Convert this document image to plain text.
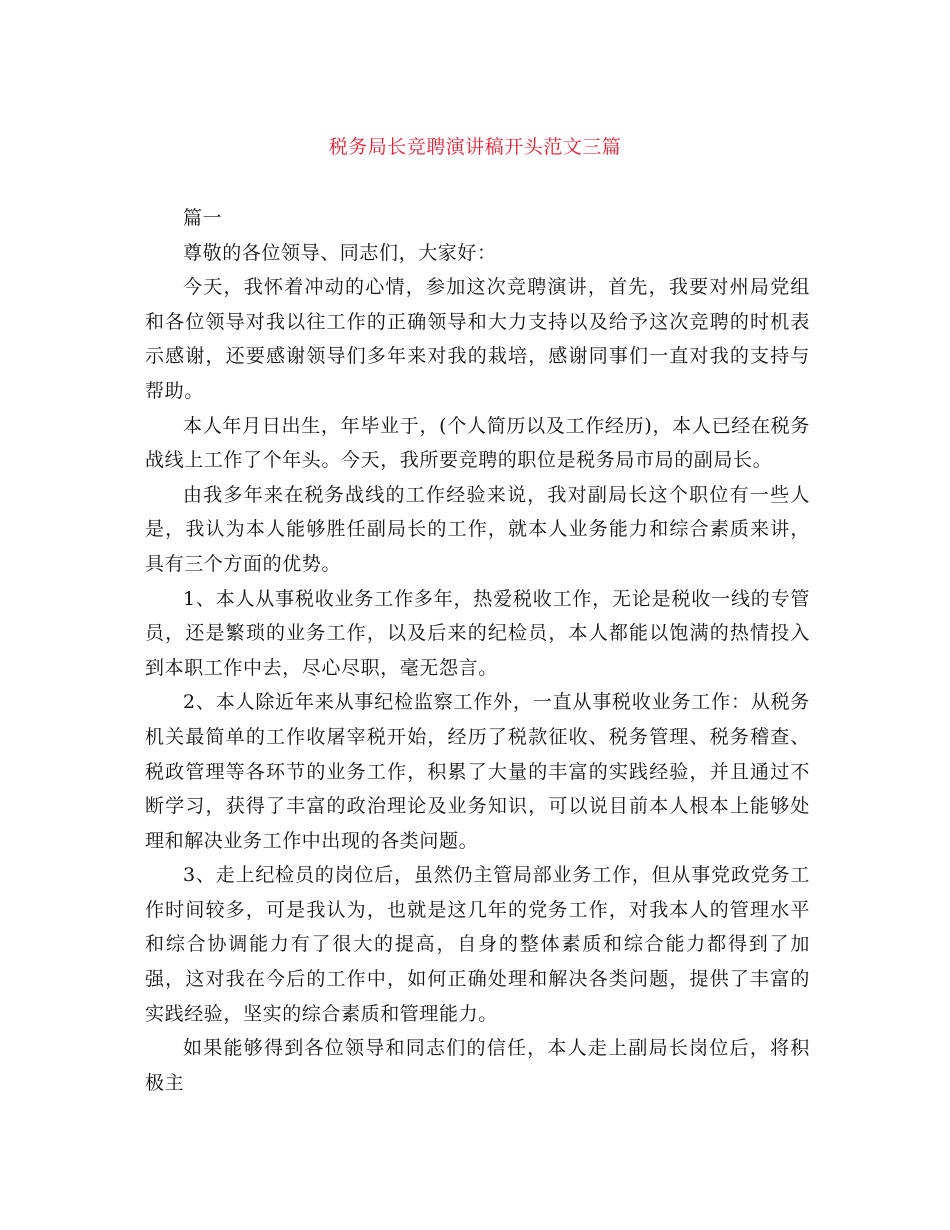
税务局长竞聘演讲稿开头范文三篇

篇一

尊敬的各位领导、同志们，大家好：

今天，我怀着冲动的心情，参加这次竞聘演讲，首先，我要对州局党组和各位领导对我以往工作的正确领导和大力支持以及给予这次竞聘的时机表示感谢，还要感谢领导们多年来对我的栽培，感谢同事们一直对我的支持与帮助。

本人年月日出生，年毕业于，(个人简历以及工作经历)，本人已经在税务战线上工作了个年头。今天，我所要竞聘的职位是税务局市局的副局长。

由我多年来在税务战线的工作经验来说，我对副局长这个职位有一些人是，我认为本人能够胜任副局长的工作，就本人业务能力和综合素质来讲，具有三个方面的优势。

1、本人从事税收业务工作多年，热爱税收工作，无论是税收一线的专管员，还是繁琐的业务工作，以及后来的纪检员，本人都能以饱满的热情投入到本职工作中去，尽心尽职，毫无怨言。

2、本人除近年来从事纪检监察工作外，一直从事税收业务工作：从税务机关最简单的工作收屠宰税开始，经历了税款征收、税务管理、税务稽查、税政管理等各环节的业务工作，积累了大量的丰富的实践经验，并且通过不断学习，获得了丰富的政治理论及业务知识，可以说目前本人根本上能够处理和解决业务工作中出现的各类问题。

3、走上纪检员的岗位后，虽然仍主管局部业务工作，但从事党政党务工作时间较多，可是我认为，也就是这几年的党务工作，对我本人的管理水平和综合协调能力有了很大的提高，自身的整体素质和综合能力都得到了加强，这对我在今后的工作中，如何正确处理和解决各类问题，提供了丰富的实践经验，坚实的综合素质和管理能力。

如果能够得到各位领导和同志们的信任，本人走上副局长岗位后，将积极主
